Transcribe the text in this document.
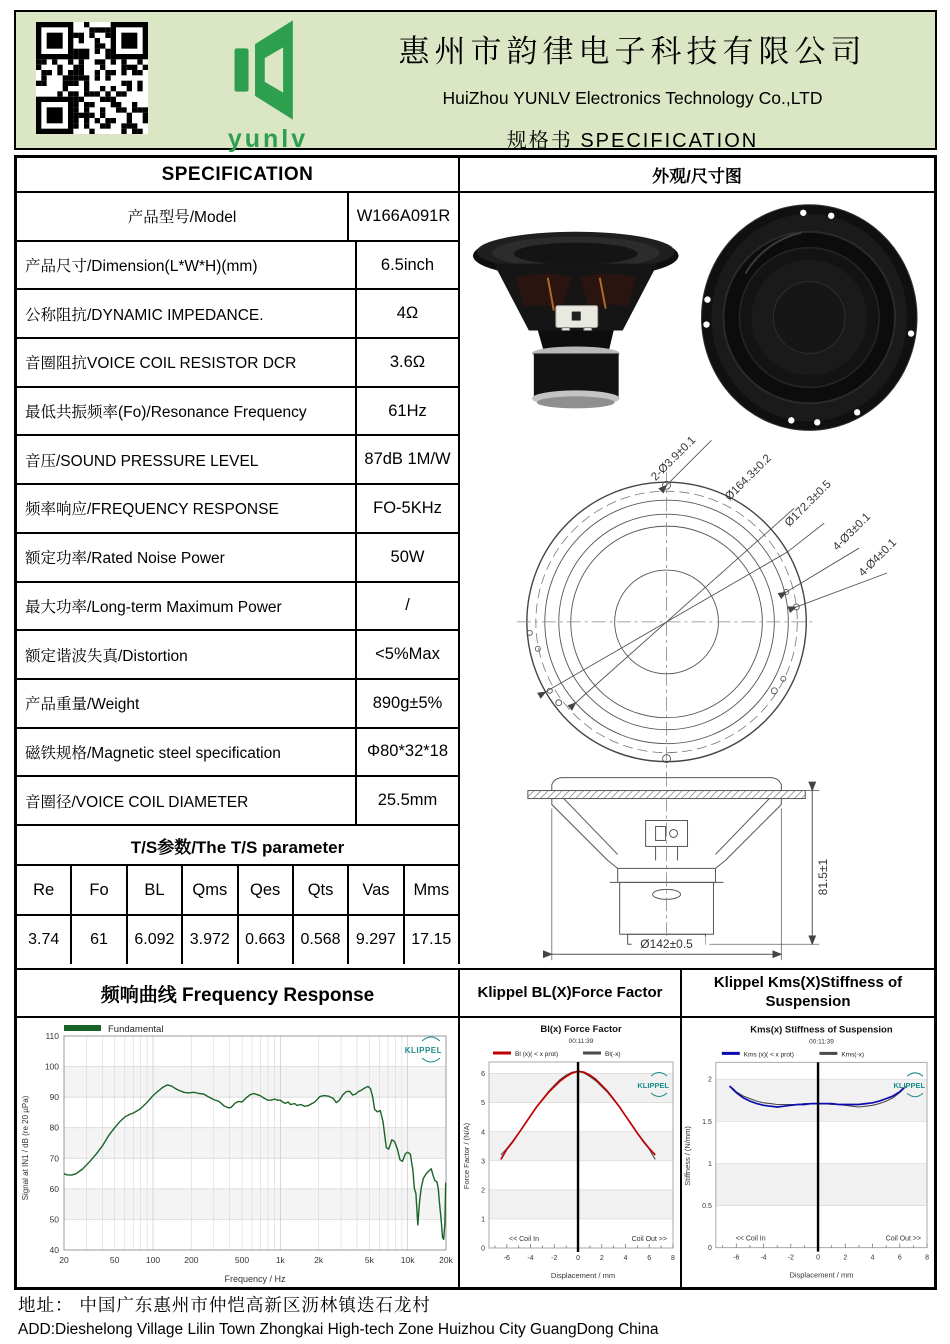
yunlv
惠州市韵律电子科技有限公司
HuiZhou YUNLV Electronics Technology Co.,LTD
规格书 SPECIFICATION
SPECIFICATION
产品型号/Model	W166A091R
产品尺寸/Dimension(L*W*H)(mm)	6.5inch
公称阻抗/DYNAMIC IMPEDANCE.	4Ω
音圈阻抗VOICE COIL RESISTOR DCR	3.6Ω
最低共振频率(Fo)/Resonance Frequency	61Hz
音压/SOUND PRESSURE LEVEL	87dB 1M/W
频率响应/FREQUENCY RESPONSE	FO-5KHz
额定功率/Rated Noise Power	50W
最大功率/Long-term Maximum Power	/
额定谐波失真/Distortion	<5%Max
产品重量/Weight	890g±5%
磁铁规格/Magnetic steel specification	Φ80*32*18
音圈径/VOICE COIL DIAMETER	25.5mm
T/S参数/The T/S parameter
Re	Fo	BL	Qms	Qes	Qts	Vas	Mms
3.74	61	6.092 3.972 0.663 0.568 9.297 17.15
外观/尺寸图
2-Ø3.9±0.1 Ø164.3±0.2
Ø172.3±0.5
4-Ø3±0.1
4-Ø4±0.1
81.5±1
Ø142±0.5
频响曲线 Frequency Response
40
50
60
70
80
90
100
110
20	50	100	200	500	1k	2k	5k	10k	20k
Fundamental
Signal at IN1 / dB (re 20 µPa)
Frequency / Hz
KLIPPEL
Klippel BL(X)Force Factor
Bl(x) Force Factor
00:11:39
Bl (x)( < x prot)	Bl(-x)
-6	-4	-2	0	2	4	6	8
0
1
2
3
4
5
6
Force Factor / (N/A)
Displacement / mm
<< Coil In	Coil Out >>
KLIPPEL
Klippel Kms(X)Stiffness of Suspension
Kms(x) Stiffness of Suspension
00:11:39
Kms (x)( < x prot)	Kms(-x)
-6	-4	-2	0	2	4	6	8
0
0.5
1
1.5
2
Stiffness / (N/mm)
Displacement / mm
<< Coil In	Coil Out >>
KLIPPEL
地址： 中国广东惠州市仲恺高新区沥林镇迭石龙村
ADD:Dieshelong Village Lilin Town Zhongkai High-tech Zone Huizhou City GuangDong China
